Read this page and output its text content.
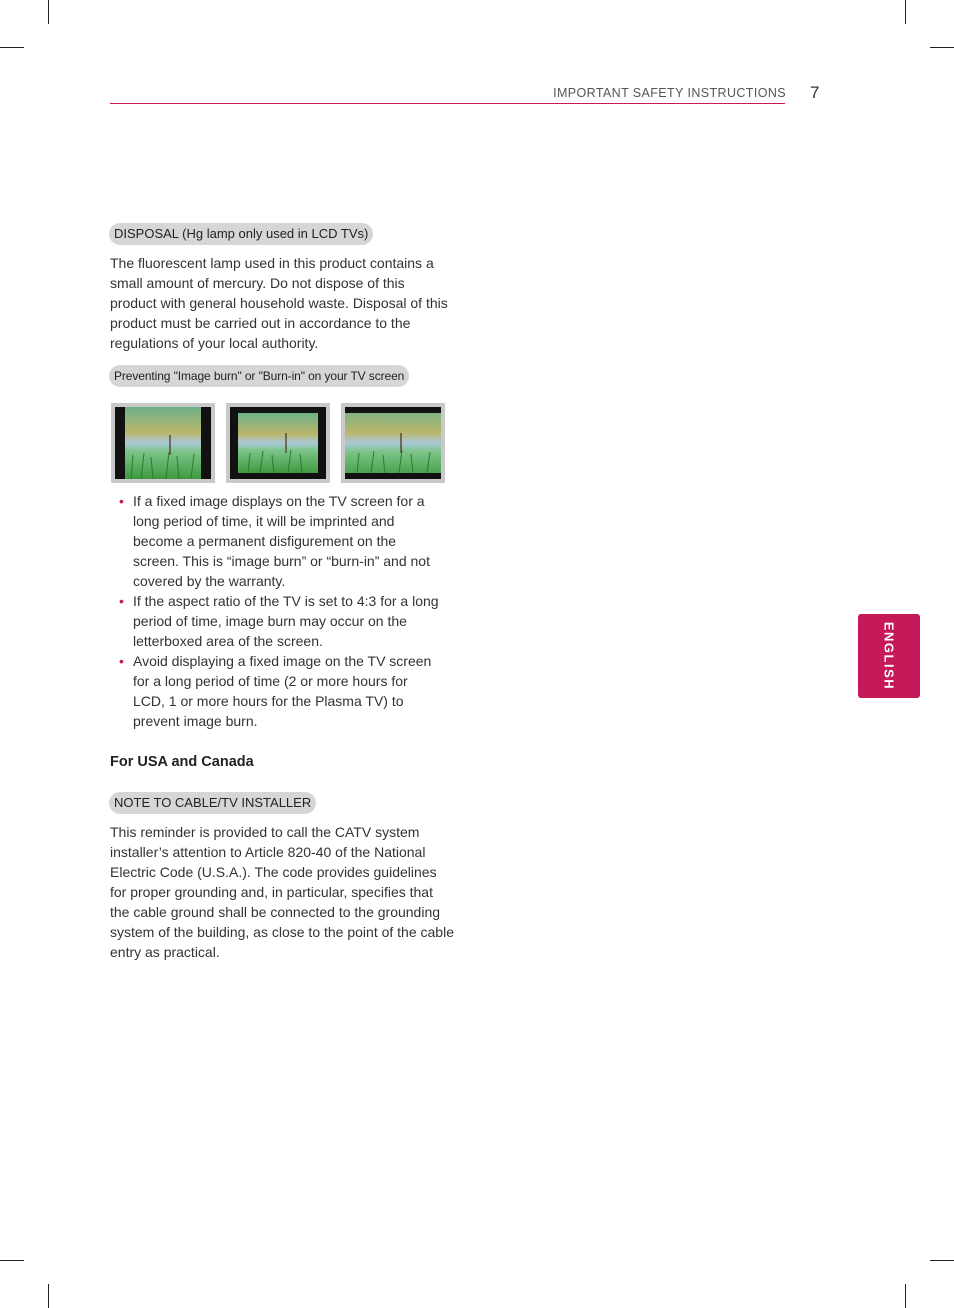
IMPORTANT SAFETY INSTRUCTIONS 7
DISPOSAL (Hg lamp only used in LCD TVs)
The fluorescent lamp used in this product contains a small amount of mercury. Do not dispose of this product with general household waste. Disposal of this product must be carried out in accordance to the regulations of your local authority.
Preventing "Image burn" or "Burn-in" on your TV screen
• If a fixed image displays on the TV screen for a long period of time, it will be imprinted and become a permanent disfigurement on the screen. This is “image burn” or “burn-in” and not covered by the warranty.
• If the aspect ratio of the TV is set to 4:3 for a long period of time, image burn may occur on the letterboxed area of the screen.
• Avoid displaying a fixed image on the TV screen for a long period of time (2 or more hours for LCD, 1 or more hours for the Plasma TV) to prevent image burn.
For USA and Canada
NOTE TO CABLE/TV INSTALLER
This reminder is provided to call the CATV system installer’s attention to Article 820-40 of the National Electric Code (U.S.A.). The code provides guidelines for proper grounding and, in particular, specifies that the cable ground shall be connected to the grounding system of the building, as close to the point of the cable entry as practical.
ENGLISH
